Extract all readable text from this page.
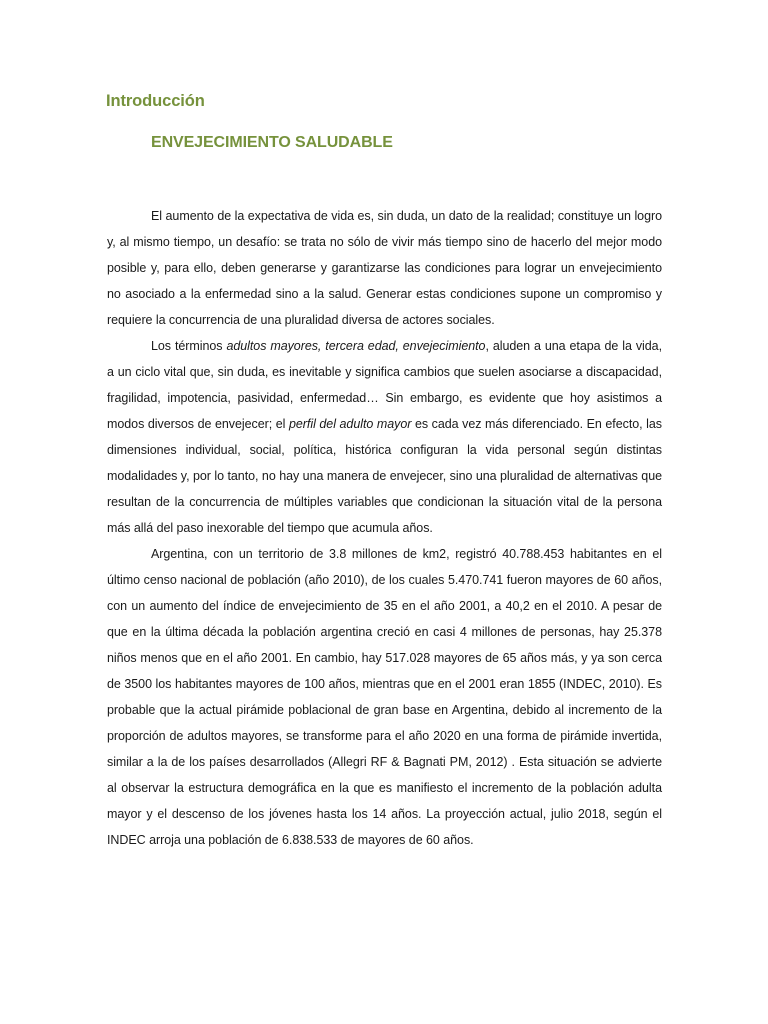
Introducción
ENVEJECIMIENTO SALUDABLE

El aumento de la expectativa de vida es, sin duda, un dato de la realidad; constituye un logro y, al mismo tiempo, un desafío: se trata no sólo de vivir más tiempo sino de hacerlo del mejor modo posible y, para ello, deben generarse y garantizarse las condiciones para lograr un envejecimiento no asociado a la enfermedad sino a la salud. Generar estas condiciones supone un compromiso y requiere la concurrencia de una pluralidad diversa de actores sociales.

Los términos adultos mayores, tercera edad, envejecimiento, aluden a una etapa de la vida, a un ciclo vital que, sin duda, es inevitable y significa cambios que suelen asociarse a discapacidad, fragilidad, impotencia, pasividad, enfermedad… Sin embargo, es evidente que hoy asistimos a modos diversos de envejecer; el perfil del adulto mayor es cada vez más diferenciado. En efecto, las dimensiones individual, social, política, histórica configuran la vida personal según distintas modalidades y, por lo tanto, no hay una manera de envejecer, sino una pluralidad de alternativas que resultan de la concurrencia de múltiples variables que condicionan la situación vital de la persona más allá del paso inexorable del tiempo que acumula años.

Argentina, con un territorio de 3.8 millones de km2, registró 40.788.453 habitantes en el último censo nacional de población (año 2010), de los cuales 5.470.741 fueron mayores de 60 años, con un aumento del índice de envejecimiento de 35 en el año 2001, a 40,2 en el 2010. A pesar de que en la última década la población argentina creció en casi 4 millones de personas, hay 25.378 niños menos que en el año 2001. En cambio, hay 517.028 mayores de 65 años más, y ya son cerca de 3500 los habitantes mayores de 100 años, mientras que en el 2001 eran 1855 (INDEC, 2010). Es probable que la actual pirámide poblacional de gran base en Argentina, debido al incremento de la proporción de adultos mayores, se transforme para el año 2020 en una forma de pirámide invertida, similar a la de los países desarrollados (Allegri RF & Bagnati PM, 2012) . Esta situación se advierte al observar la estructura demográfica en la que es manifiesto el incremento de la población adulta mayor y el descenso de los jóvenes hasta los 14 años. La proyección actual, julio 2018, según el INDEC arroja una población de 6.838.533 de mayores de 60 años.
